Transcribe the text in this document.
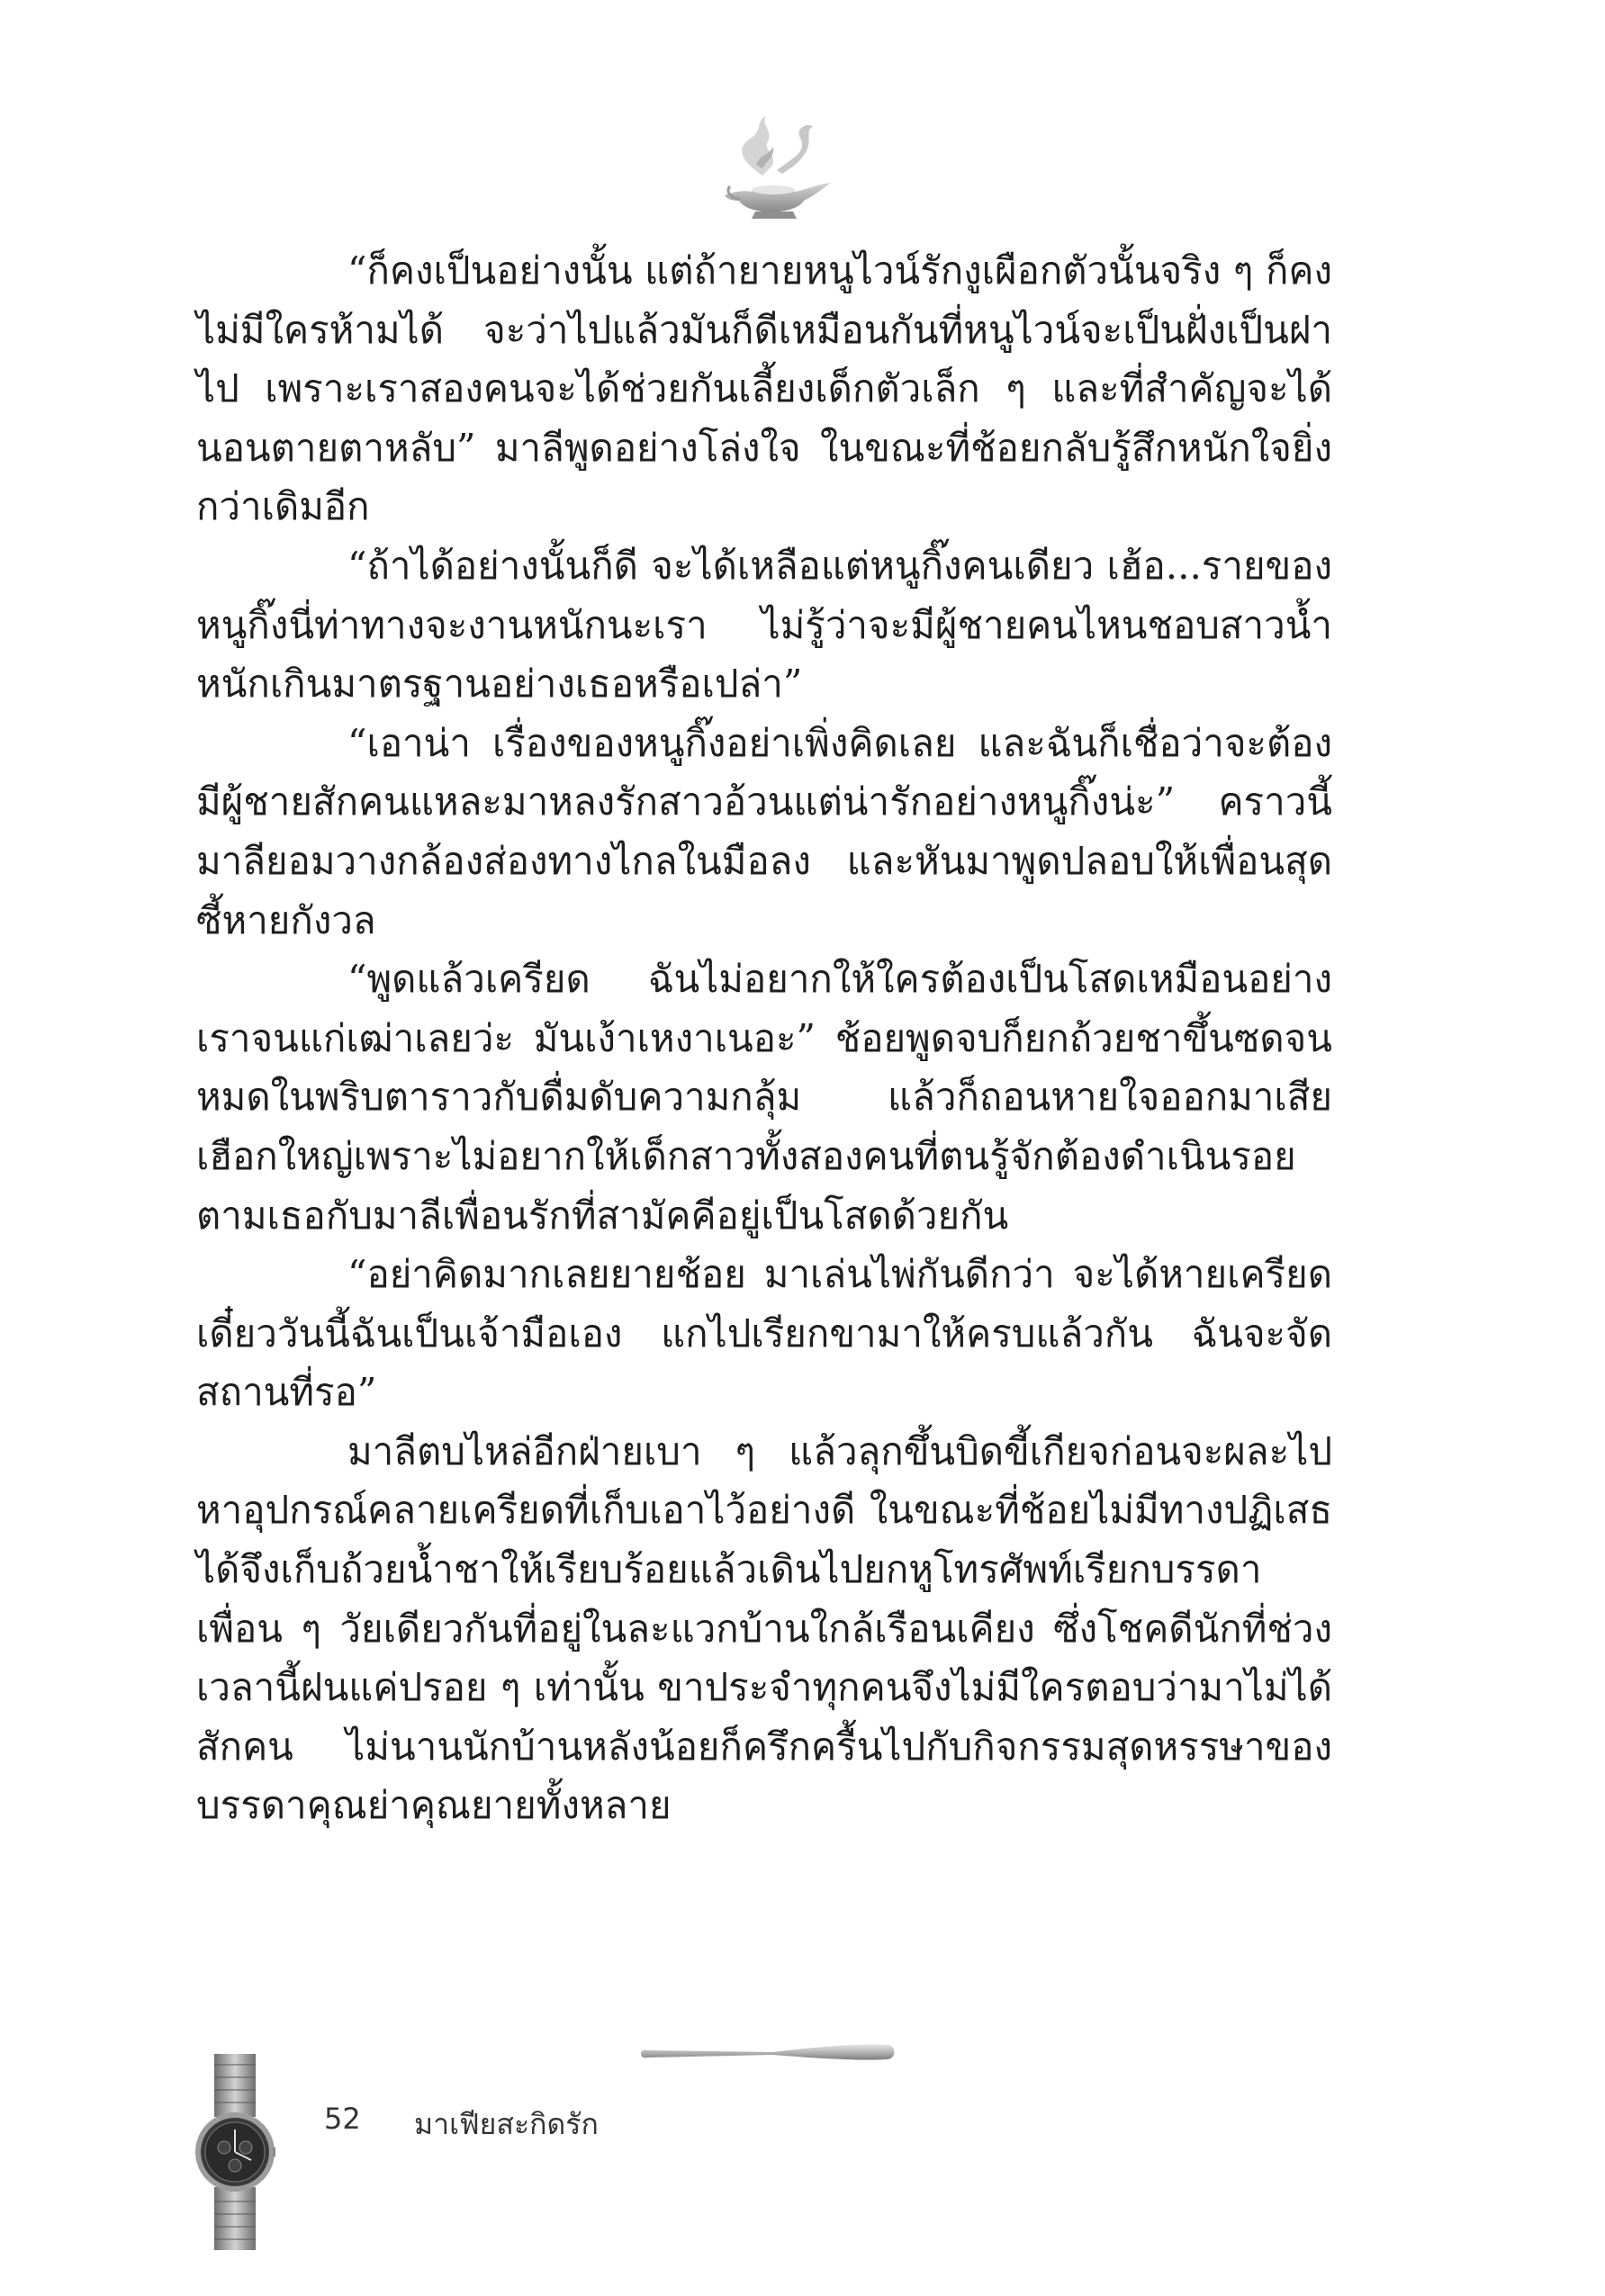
“ก็คงเป็นอย่างนั้น แต่ถ้ายายหนูไวน์รักงูเผือกตัวนั้นจริง ๆ ก็คงไม่มีใครห้ามได้ จะว่าไปแล้วมันก็ดีเหมือนกันที่หนูไวน์จะเป็นฝั่งเป็นฝาไป เพราะเราสองคนจะได้ช่วยกันเลี้ยงเด็กตัวเล็ก ๆ และที่สำคัญจะได้นอนตายตาหลับ” มาลีพูดอย่างโล่งใจ ในขณะที่ช้อยกลับรู้สึกหนักใจยิ่งกว่าเดิมอีก

“ถ้าได้อย่างนั้นก็ดี จะได้เหลือแต่หนูกิ๊งคนเดียว เฮ้อ...รายของหนูกิ๊งนี่ท่าทางจะงานหนักนะเรา ไม่รู้ว่าจะมีผู้ชายคนไหนชอบสาวน้ำหนักเกินมาตรฐานอย่างเธอหรือเปล่า”

“เอาน่า เรื่องของหนูกิ๊งอย่าเพิ่งคิดเลย และฉันก็เชื่อว่าจะต้องมีผู้ชายสักคนแหละมาหลงรักสาวอ้วนแต่น่ารักอย่างหนูกิ๊งน่ะ” คราวนี้มาลียอมวางกล้องส่องทางไกลในมือลง และหันมาพูดปลอบให้เพื่อนสุดซี้หายกังวล

“พูดแล้วเครียด ฉันไม่อยากให้ใครต้องเป็นโสดเหมือนอย่างเราจนแก่เฒ่าเลยว่ะ มันเง้าเหงาเนอะ” ช้อยพูดจบก็ยกถ้วยชาขึ้นซดจนหมดในพริบตาราวกับดื่มดับความกลุ้ม แล้วก็ถอนหายใจออกมาเสียเฮือกใหญ่เพราะไม่อยากให้เด็กสาวทั้งสองคนที่ตนรู้จักต้องดำเนินรอยตามเธอกับมาลีเพื่อนรักที่สามัคคีอยู่เป็นโสดด้วยกัน

“อย่าคิดมากเลยยายช้อย มาเล่นไพ่กันดีกว่า จะได้หายเครียดเดี๋ยววันนี้ฉันเป็นเจ้ามือเอง แกไปเรียกขามาให้ครบแล้วกัน ฉันจะจัดสถานที่รอ”

มาลีตบไหล่อีกฝ่ายเบา ๆ แล้วลุกขึ้นบิดขี้เกียจก่อนจะผละไปหาอุปกรณ์คลายเครียดที่เก็บเอาไว้อย่างดี ในขณะที่ช้อยไม่มีทางปฏิเสธได้จึงเก็บถ้วยน้ำชาให้เรียบร้อยแล้วเดินไปยกหูโทรศัพท์เรียกบรรดาเพื่อน ๆ วัยเดียวกันที่อยู่ในละแวกบ้านใกล้เรือนเคียง ซึ่งโชคดีนักที่ช่วงเวลานี้ฝนแค่ปรอย ๆ เท่านั้น ขาประจำทุกคนจึงไม่มีใครตอบว่ามาไม่ได้สักคน ไม่นานนักบ้านหลังน้อยก็ครึกครื้นไปกับกิจกรรมสุดหรรษาของบรรดาคุณย่าคุณยายทั้งหลาย

52 มาเฟียสะกิดรัก
